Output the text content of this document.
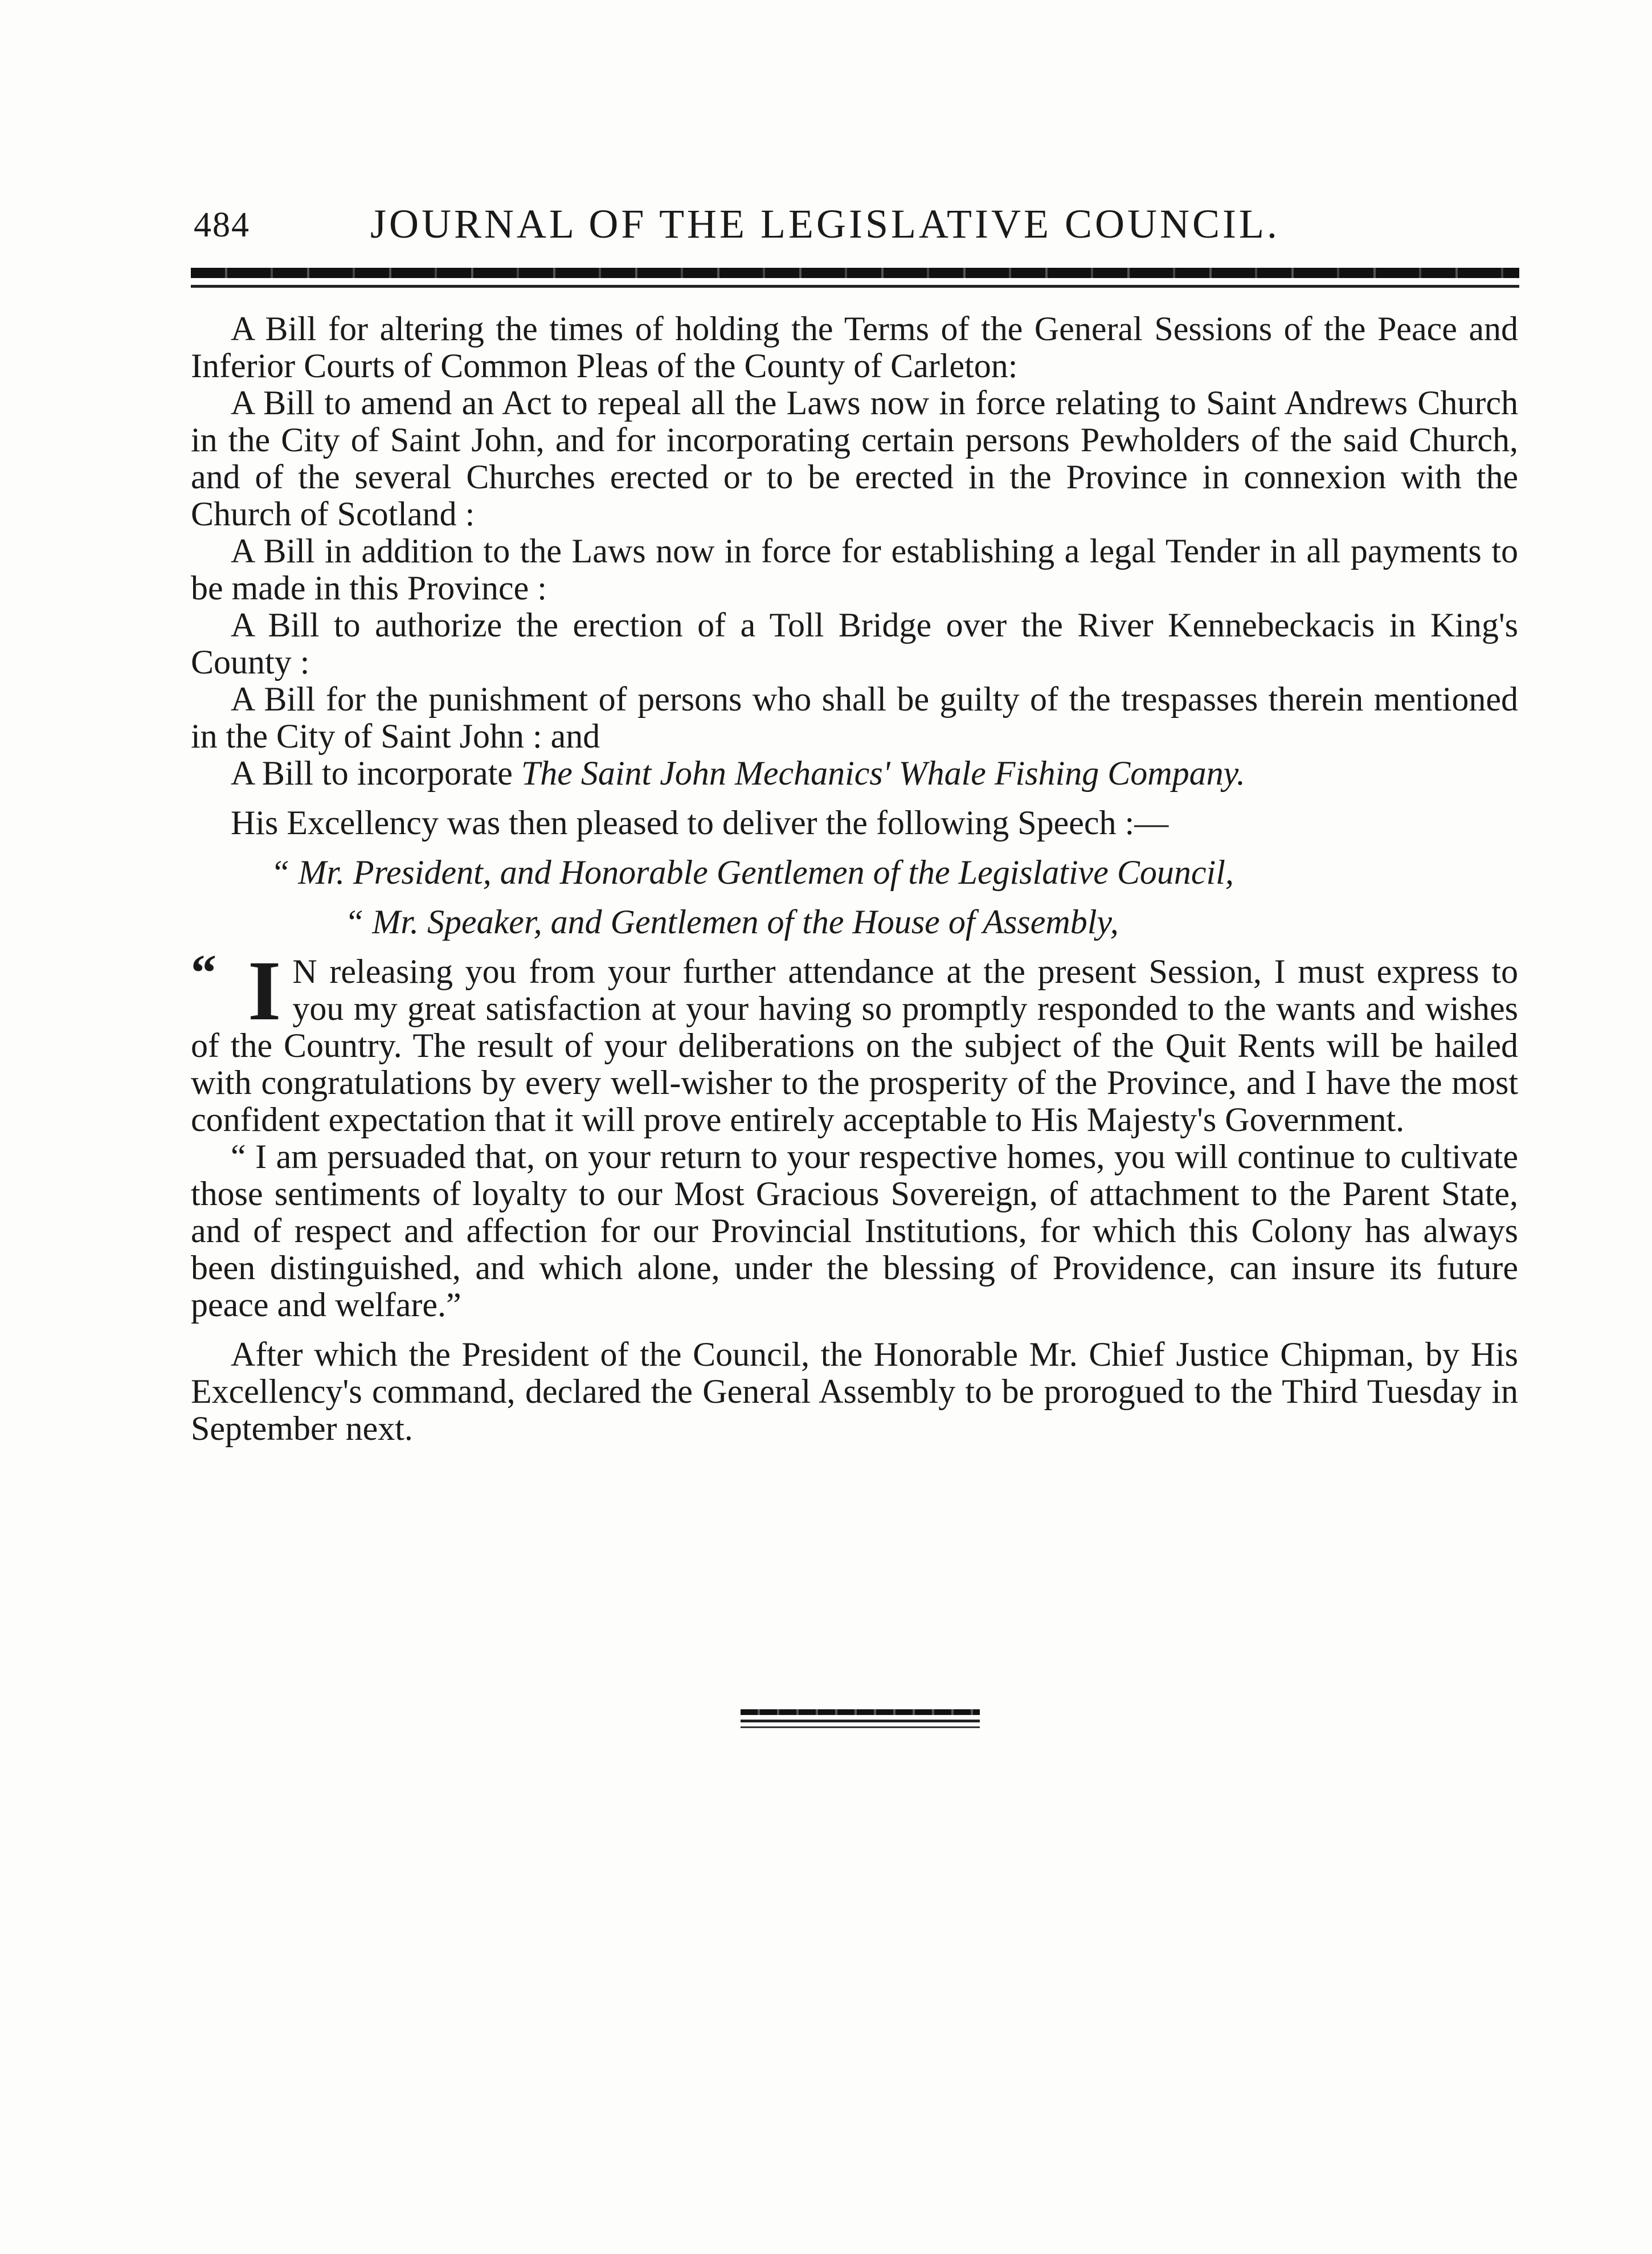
484	JOURNAL OF THE LEGISLATIVE COUNCIL.

A Bill for altering the times of holding the Terms of the General Sessions of the Peace and Inferior Courts of Common Pleas of the County of Carleton:

A Bill to amend an Act to repeal all the Laws now in force relating to Saint Andrews Church in the City of Saint John, and for incorporating certain persons Pewholders of the said Church, and of the several Churches erected or to be erected in the Province in connexion with the Church of Scotland :

A Bill in addition to the Laws now in force for establishing a legal Tender in all payments to be made in this Province :

A Bill to authorize the erection of a Toll Bridge over the River Kennebeckacis in King's County :

A Bill for the punishment of persons who shall be guilty of the trespasses therein mentioned in the City of Saint John : and

A Bill to incorporate The Saint John Mechanics' Whale Fishing Company.

His Excellency was then pleased to deliver the following Speech :—

“ Mr. President, and Honorable Gentlemen of the Legislative Council,

“ Mr. Speaker, and Gentlemen of the House of Assembly,

“ I N releasing you from your further attendance at the present Session, I must express to you my great satisfaction at your having so promptly responded to the wants and wishes of the Country. The result of your deliberations on the subject of the Quit Rents will be hailed with congratulations by every well-wisher to the prosperity of the Province, and I have the most confident expectation that it will prove entirely acceptable to His Majesty's Government.

“ I am persuaded that, on your return to your respective homes, you will continue to cultivate those sentiments of loyalty to our Most Gracious Sovereign, of attachment to the Parent State, and of respect and affection for our Provincial Institutions, for which this Colony has always been distinguished, and which alone, under the blessing of Providence, can insure its future peace and welfare.”

After which the President of the Council, the Honorable Mr. Chief Justice Chipman, by His Excellency's command, declared the General Assembly to be prorogued to the Third Tuesday in September next.
